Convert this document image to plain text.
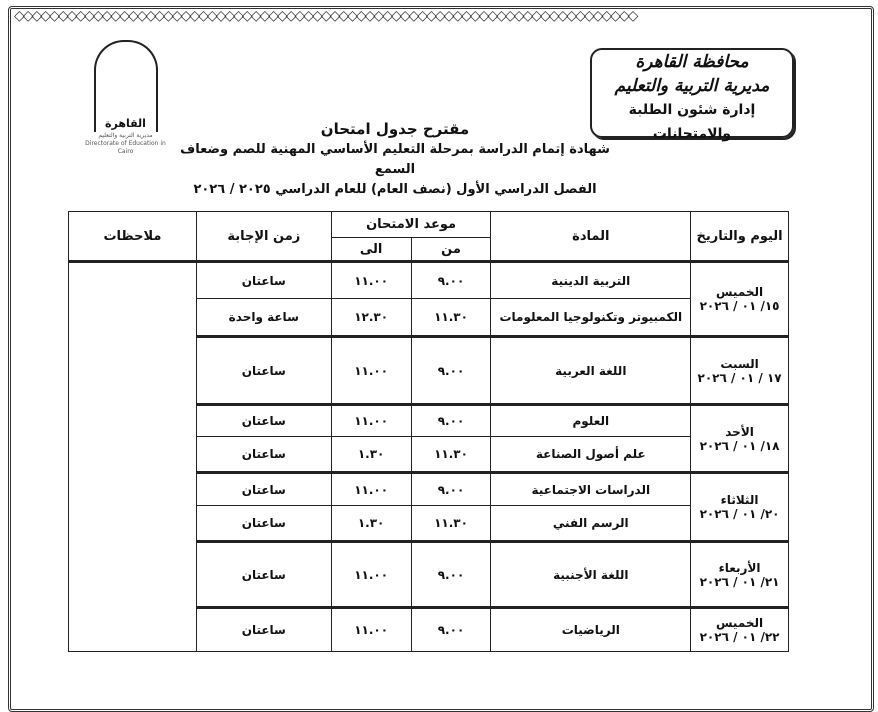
◇◇◇◇◇◇◇◇◇◇◇◇◇◇◇◇◇◇◇◇◇◇◇◇◇◇◇◇◇◇◇◇◇◇◇◇◇◇◇◇◇◇◇◇◇◇◇◇◇◇◇◇◇◇◇◇◇◇◇◇◇◇◇◇◇◇◇◇◇◇◇
محافظة القاهرة
مديرية التربية والتعليم
إدارة شئون الطلبة والامتحانات
القاهرة
مديرية التربية والتعليم
Directorate of Education in Cairo
مقترح جدول امتحان
شهادة إتمام الدراسة بمرحلة التعليم الأساسي المهنية للصم وضعاف السمع
الفصل الدراسي الأول (نصف العام) للعام الدراسي ٢٠٢٥ / ٢٠٢٦
اليوم والتاريخ	المادة	موعد الامتحان		زمن الإجابة	ملاحظات
		من	الى		

الخميس
١٥/ ٠١ / ٢٠٢٦	التربية الدينية	٩.٠٠	١١.٠٠	ساعتان	
	الكمبيوتر وتكنولوجيا المعلومات	١١.٣٠	١٢.٣٠	ساعة واحدة	

السبت
١٧ / ٠١ / ٢٠٢٦	اللغة العربية	٩.٠٠	١١.٠٠	ساعتان	

الأحد
١٨/ ٠١ / ٢٠٢٦	العلوم	٩.٠٠	١١.٠٠	ساعتان	
	علم أصول الصناعة	١١.٣٠	١.٣٠	ساعتان	

الثلاثاء
٢٠/ ٠١ / ٢٠٢٦	الدراسات الاجتماعية	٩.٠٠	١١.٠٠	ساعتان	
	الرسم الفني	١١.٣٠	١.٣٠	ساعتان	

الأربعاء
٢١/ ٠١ / ٢٠٢٦	اللغة الأجنبية	٩.٠٠	١١.٠٠	ساعتان	

الخميس
٢٢/ ٠١ / ٢٠٢٦	الرياضيات	٩.٠٠	١١.٠٠	ساعتان	
